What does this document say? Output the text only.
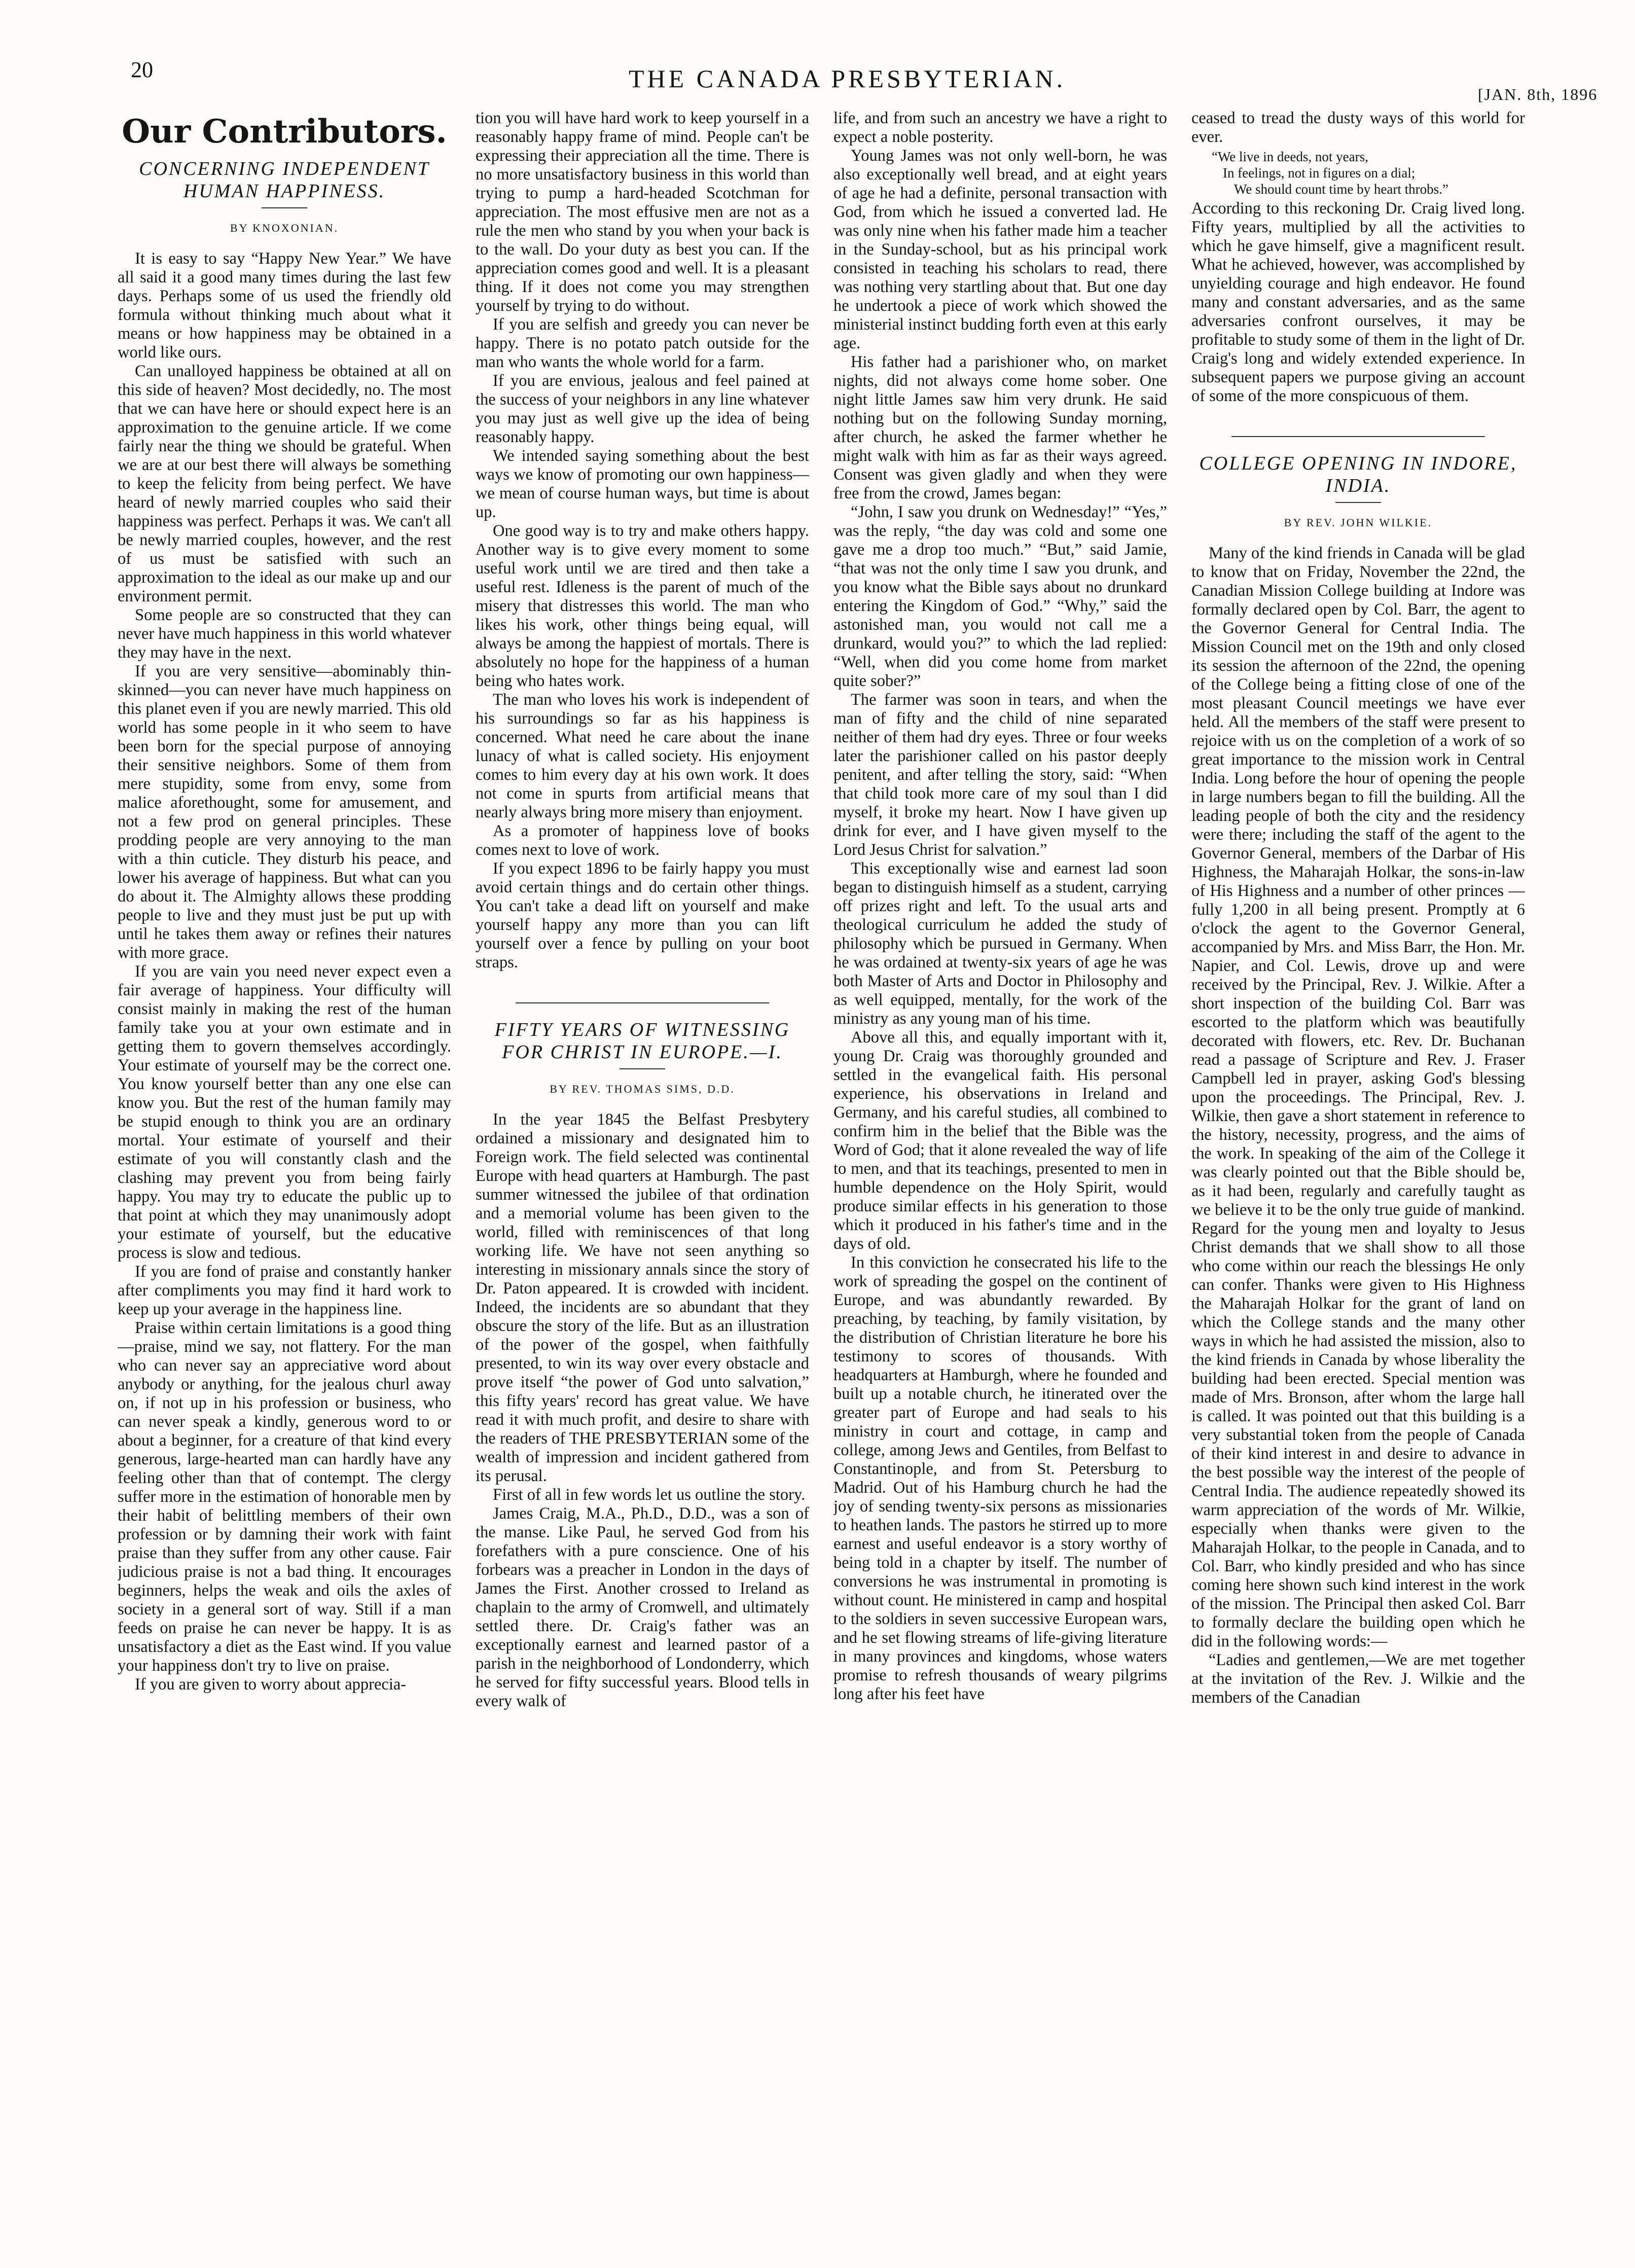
20	THE CANADA PRESBYTERIAN.
[JAN. 8th, 1896
Our Contributors.
CONCERNING INDEPENDENT HUMAN HAPPINESS.
BY KNOXONIAN.

It is easy to say “Happy New Year.” We have all said it a good many times during the last few days. Perhaps some of us used the friendly old formula without thinking much about what it means or how happiness may be obtained in a world like ours.

Can unalloyed happiness be obtained at all on this side of heaven? Most decidedly, no. The most that we can have here or should expect here is an approximation to the genuine article. If we come fairly near the thing we should be grateful. When we are at our best there will always be something to keep the felicity from being perfect. We have heard of newly married couples who said their happiness was perfect. Perhaps it was. We can't all be newly married couples, however, and the rest of us must be satisfied with such an approximation to the ideal as our make up and our environment permit.

Some people are so constructed that they can never have much happiness in this world whatever they may have in the next.

If you are very sensitive—abominably thin-skinned—you can never have much happiness on this planet even if you are newly married. This old world has some people in it who seem to have been born for the special purpose of annoying their sensitive neighbors. Some of them from mere stupidity, some from envy, some from malice aforethought, some for amusement, and not a few prod on general principles. These prodding people are very annoying to the man with a thin cuticle. They disturb his peace, and lower his average of happiness. But what can you do about it. The Almighty allows these prodding people to live and they must just be put up with until he takes them away or refines their natures with more grace.

If you are vain you need never expect even a fair average of happiness. Your difficulty will consist mainly in making the rest of the human family take you at your own estimate and in getting them to govern themselves accordingly. Your estimate of yourself may be the correct one. You know yourself better than any one else can know you. But the rest of the human family may be stupid enough to think you are an ordinary mortal. Your estimate of yourself and their estimate of you will constantly clash and the clashing may prevent you from being fairly happy. You may try to educate the public up to that point at which they may unanimously adopt your estimate of yourself, but the educative process is slow and tedious.

If you are fond of praise and constantly hanker after compliments you may find it hard work to keep up your average in the happiness line.

Praise within certain limitations is a good thing—praise, mind we say, not flattery. For the man who can never say an appreciative word about anybody or anything, for the jealous churl away on, if not up in his profession or business, who can never speak a kindly, generous word to or about a beginner, for a creature of that kind every generous, large-hearted man can hardly have any feeling other than that of contempt. The clergy suffer more in the estimation of honorable men by their habit of belittling members of their own profession or by damning their work with faint praise than they suffer from any other cause. Fair judicious praise is not a bad thing. It encourages beginners, helps the weak and oils the axles of society in a general sort of way. Still if a man feeds on praise he can never be happy. It is as unsatisfactory a diet as the East wind. If you value your happiness don't try to live on praise.

If you are given to worry about apprecia-

tion you will have hard work to keep yourself in a reasonably happy frame of mind. People can't be expressing their appreciation all the time. There is no more unsatisfactory business in this world than trying to pump a hard-headed Scotchman for appreciation. The most effusive men are not as a rule the men who stand by you when your back is to the wall. Do your duty as best you can. If the appreciation comes good and well. It is a pleasant thing. If it does not come you may strengthen yourself by trying to do without.

If you are selfish and greedy you can never be happy. There is no potato patch outside for the man who wants the whole world for a farm.

If you are envious, jealous and feel pained at the success of your neighbors in any line whatever you may just as well give up the idea of being reasonably happy.

We intended saying something about the best ways we know of promoting our own happiness—we mean of course human ways, but time is about up.

One good way is to try and make others happy. Another way is to give every moment to some useful work until we are tired and then take a useful rest. Idleness is the parent of much of the misery that distresses this world. The man who likes his work, other things being equal, will always be among the happiest of mortals. There is absolutely no hope for the happiness of a human being who hates work.

The man who loves his work is independent of his surroundings so far as his happiness is concerned. What need he care about the inane lunacy of what is called society. His enjoyment comes to him every day at his own work. It does not come in spurts from artificial means that nearly always bring more misery than enjoyment.

As a promoter of happiness love of books comes next to love of work.

If you expect 1896 to be fairly happy you must avoid certain things and do certain other things. You can't take a dead lift on yourself and make yourself happy any more than you can lift yourself over a fence by pulling on your boot straps.

FIFTY YEARS OF WITNESSING FOR CHRIST IN EUROPE.—I.
BY REV. THOMAS SIMS, D.D.

In the year 1845 the Belfast Presbytery ordained a missionary and designated him to Foreign work. The field selected was continental Europe with head quarters at Hamburgh. The past summer witnessed the jubilee of that ordination and a memorial volume has been given to the world, filled with reminiscences of that long working life. We have not seen anything so interesting in missionary annals since the story of Dr. Paton appeared. It is crowded with incident. Indeed, the incidents are so abundant that they obscure the story of the life. But as an illustration of the power of the gospel, when faithfully presented, to win its way over every obstacle and prove itself “the power of God unto salvation,” this fifty years' record has great value. We have read it with much profit, and desire to share with the readers of THE PRESBYTERIAN some of the wealth of impression and incident gathered from its perusal.

First of all in few words let us outline the story.

James Craig, M.A., Ph.D., D.D., was a son of the manse. Like Paul, he served God from his forefathers with a pure conscience. One of his forbears was a preacher in London in the days of James the First. Another crossed to Ireland as chaplain to the army of Cromwell, and ultimately settled there. Dr. Craig's father was an exceptionally earnest and learned pastor of a parish in the neighborhood of Londonderry, which he served for fifty successful years. Blood tells in every walk of

life, and from such an ancestry we have a right to expect a noble posterity.

Young James was not only well-born, he was also exceptionally well bread, and at eight years of age he had a definite, personal transaction with God, from which he issued a converted lad. He was only nine when his father made him a teacher in the Sunday-school, but as his principal work consisted in teaching his scholars to read, there was nothing very startling about that. But one day he undertook a piece of work which showed the ministerial instinct budding forth even at this early age.

His father had a parishioner who, on market nights, did not always come home sober. One night little James saw him very drunk. He said nothing but on the following Sunday morning, after church, he asked the farmer whether he might walk with him as far as their ways agreed. Consent was given gladly and when they were free from the crowd, James began:

“John, I saw you drunk on Wednesday!” “Yes,” was the reply, “the day was cold and some one gave me a drop too much.” “But,” said Jamie, “that was not the only time I saw you drunk, and you know what the Bible says about no drunkard entering the Kingdom of God.” “Why,” said the astonished man, you would not call me a drunkard, would you?” to which the lad replied: “Well, when did you come home from market quite sober?”

The farmer was soon in tears, and when the man of fifty and the child of nine separated neither of them had dry eyes. Three or four weeks later the parishioner called on his pastor deeply penitent, and after telling the story, said: “When that child took more care of my soul than I did myself, it broke my heart. Now I have given up drink for ever, and I have given myself to the Lord Jesus Christ for salvation.”

This exceptionally wise and earnest lad soon began to distinguish himself as a student, carrying off prizes right and left. To the usual arts and theological curriculum he added the study of philosophy which be pursued in Germany. When he was ordained at twenty-six years of age he was both Master of Arts and Doctor in Philosophy and as well equipped, mentally, for the work of the ministry as any young man of his time.

Above all this, and equally important with it, young Dr. Craig was thoroughly grounded and settled in the evangelical faith. His personal experience, his observations in Ireland and Germany, and his careful studies, all combined to confirm him in the belief that the Bible was the Word of God; that it alone revealed the way of life to men, and that its teachings, presented to men in humble dependence on the Holy Spirit, would produce similar effects in his generation to those which it produced in his father's time and in the days of old.

In this conviction he consecrated his life to the work of spreading the gospel on the continent of Europe, and was abundantly rewarded. By preaching, by teaching, by family visitation, by the distribution of Christian literature he bore his testimony to scores of thousands. With headquarters at Hamburgh, where he founded and built up a notable church, he itinerated over the greater part of Europe and had seals to his ministry in court and cottage, in camp and college, among Jews and Gentiles, from Belfast to Constantinople, and from St. Petersburg to Madrid. Out of his Hamburg church he had the joy of sending twenty-six persons as missionaries to heathen lands. The pastors he stirred up to more earnest and useful endeavor is a story worthy of being told in a chapter by itself. The number of conversions he was instrumental in promoting is without count. He ministered in camp and hospital to the soldiers in seven successive European wars, and he set flowing streams of life-giving literature in many provinces and kingdoms, whose waters promise to refresh thousands of weary pilgrims long after his feet have

ceased to tread the dusty ways of this world for ever.

“We live in deeds, not years,
In feelings, not in figures on a dial;
We should count time by heart throbs.”

According to this reckoning Dr. Craig lived long. Fifty years, multiplied by all the activities to which he gave himself, give a magnificent result. What he achieved, however, was accomplished by unyielding courage and high endeavor. He found many and constant adversaries, and as the same adversaries confront ourselves, it may be profitable to study some of them in the light of Dr. Craig's long and widely extended experience. In subsequent papers we purpose giving an account of some of the more conspicuous of them.

COLLEGE OPENING IN INDORE, INDIA.
BY REV. JOHN WILKIE.

Many of the kind friends in Canada will be glad to know that on Friday, November the 22nd, the Canadian Mission College building at Indore was formally declared open by Col. Barr, the agent to the Governor General for Central India. The Mission Council met on the 19th and only closed its session the afternoon of the 22nd, the opening of the College being a fitting close of one of the most pleasant Council meetings we have ever held. All the members of the staff were present to rejoice with us on the completion of a work of so great importance to the mission work in Central India. Long before the hour of opening the people in large numbers began to fill the building. All the leading people of both the city and the residency were there; including the staff of the agent to the Governor General, members of the Darbar of His Highness, the Maharajah Holkar, the sons-in-law of His Highness and a number of other princes —fully 1,200 in all being present. Promptly at 6 o'clock the agent to the Governor General, accompanied by Mrs. and Miss Barr, the Hon. Mr. Napier, and Col. Lewis, drove up and were received by the Principal, Rev. J. Wilkie. After a short inspection of the building Col. Barr was escorted to the platform which was beautifully decorated with flowers, etc. Rev. Dr. Buchanan read a passage of Scripture and Rev. J. Fraser Campbell led in prayer, asking God's blessing upon the proceedings. The Principal, Rev. J. Wilkie, then gave a short statement in reference to the history, necessity, progress, and the aims of the work. In speaking of the aim of the College it was clearly pointed out that the Bible should be, as it had been, regularly and carefully taught as we believe it to be the only true guide of mankind. Regard for the young men and loyalty to Jesus Christ demands that we shall show to all those who come within our reach the blessings He only can confer. Thanks were given to His Highness the Maharajah Holkar for the grant of land on which the College stands and the many other ways in which he had assisted the mission, also to the kind friends in Canada by whose liberality the building had been erected. Special mention was made of Mrs. Bronson, after whom the large hall is called. It was pointed out that this building is a very substantial token from the people of Canada of their kind interest in and desire to advance in the best possible way the interest of the people of Central India. The audience repeatedly showed its warm appreciation of the words of Mr. Wilkie, especially when thanks were given to the Maharajah Holkar, to the people in Canada, and to Col. Barr, who kindly presided and who has since coming here shown such kind interest in the work of the mission. The Principal then asked Col. Barr to formally declare the building open which he did in the following words:—

“Ladies and gentlemen,—We are met together at the invitation of the Rev. J. Wilkie and the members of the Canadian
